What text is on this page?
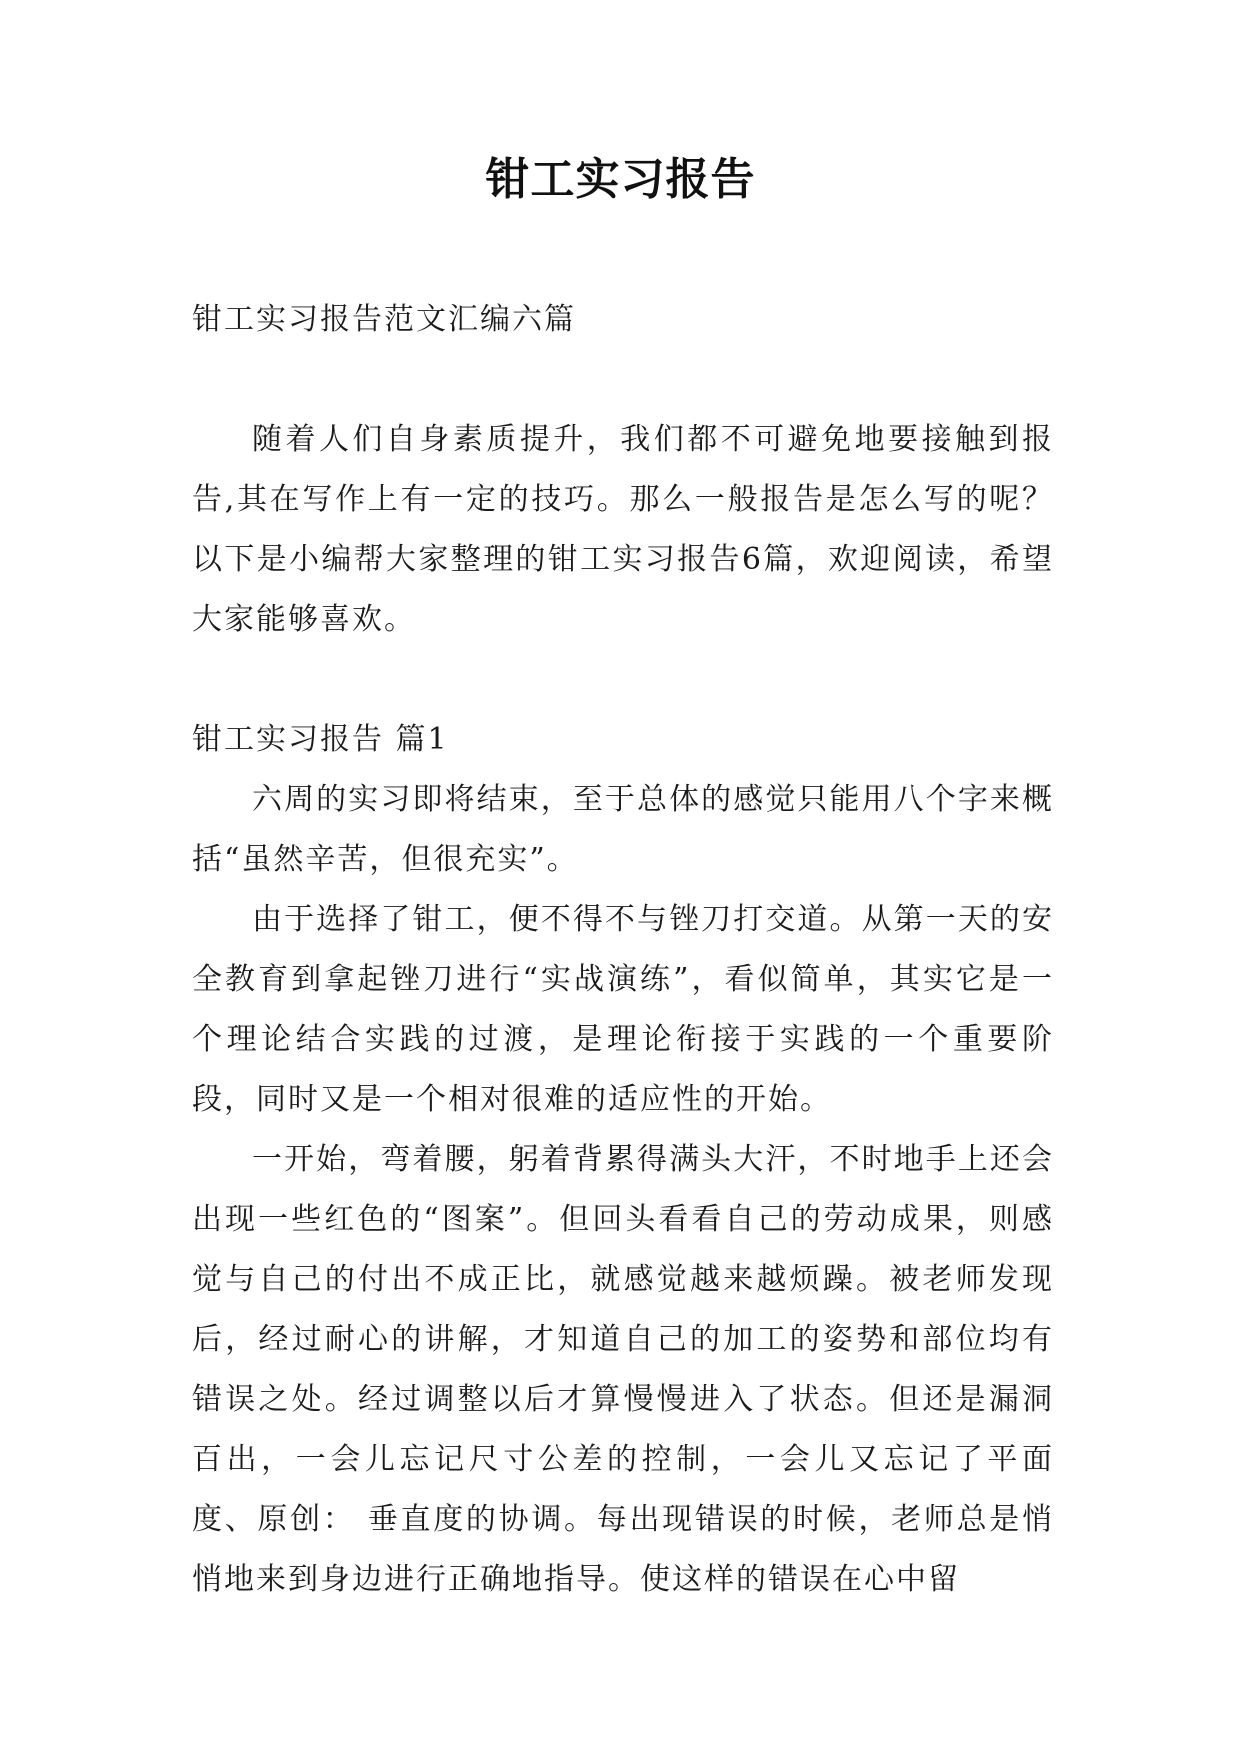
钳工实习报告

钳工实习报告范文汇编六篇

随着人们自身素质提升，我们都不可避免地要接触到报告,其在写作上有一定的技巧。那么一般报告是怎么写的呢？以下是小编帮大家整理的钳工实习报告6篇，欢迎阅读，希望大家能够喜欢。

钳工实习报告 篇1

六周的实习即将结束，至于总体的感觉只能用八个字来概括“虽然辛苦，但很充实”。

由于选择了钳工，便不得不与锉刀打交道。从第一天的安全教育到拿起锉刀进行“实战演练”，看似简单，其实它是一个理论结合实践的过渡，是理论衔接于实践的一个重要阶段，同时又是一个相对很难的适应性的开始。

一开始，弯着腰，躬着背累得满头大汗，不时地手上还会出现一些红色的“图案”。但回头看看自己的劳动成果，则感觉与自己的付出不成正比，就感觉越来越烦躁。被老师发现后，经过耐心的讲解，才知道自己的加工的姿势和部位均有错误之处。经过调整以后才算慢慢进入了状态。但还是漏洞百出，一会儿忘记尺寸公差的控制，一会儿又忘记了平面度、原创： 垂直度的协调。每出现错误的时候，老师总是悄悄地来到身边进行正确地指导。使这样的错误在心中留
